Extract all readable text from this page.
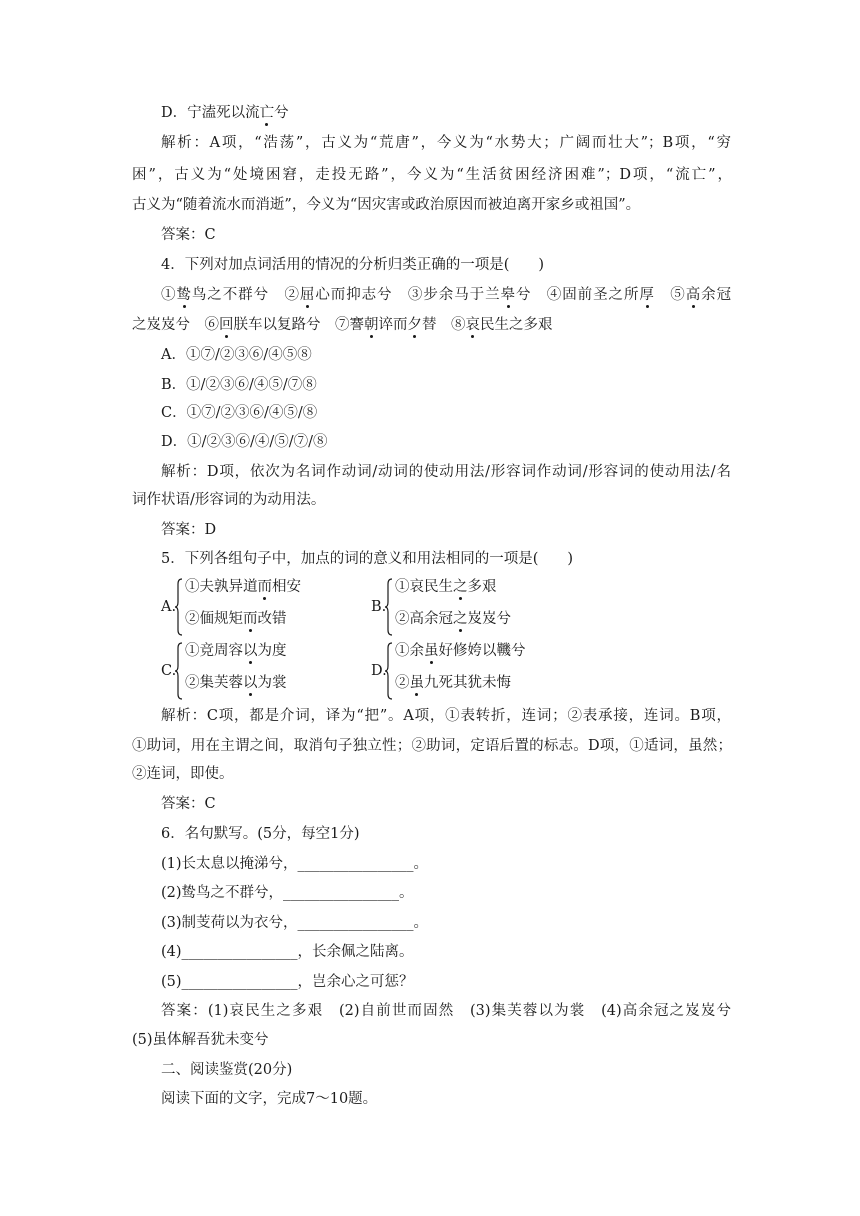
D．宁溘死以流亡兮
解析：A项，“浩荡”，古义为“荒唐”，今义为“水势大；广阔而壮大”；B项，“穷
困”，古义为“处境困窘，走投无路”，今义为“生活贫困经济困难”；D项，“流亡”，
古义为“随着流水而消逝”，今义为“因灾害或政治原因而被迫离开家乡或祖国”。
答案：C
4．下列对加点词活用的情况的分析归类正确的一项是(　　)
①鸷鸟之不群兮　②屈心而抑志兮　③步余马于兰皋兮　④固前圣之所厚　⑤高余冠
之岌岌兮　⑥回朕车以复路兮　⑦謇朝谇而夕替　⑧哀民生之多艰
A．①⑦/②③⑥/④⑤⑧
B．①/②③⑥/④⑤/⑦⑧
C．①⑦/②③⑥/④⑤/⑧
D．①/②③⑥/④/⑤/⑦/⑧
解析：D项，依次为名词作动词/动词的使动用法/形容词作动词/形容词的使动用法/名
词作状语/形容词的为动用法。
答案：D
5．下列各组句子中，加点的词的意义和用法相同的一项是(　　)
A.
①夫孰异道而相安
②偭规矩而改错
B.
①哀民生之多艰
②高余冠之岌岌兮
C.
①竞周容以为度
②集芙蓉以为裳
D.
①余虽好修姱以鞿兮
②虽九死其犹未悔
解析：C项，都是介词，译为“把”。A项，①表转折，连词；②表承接，连词。B项，
①助词，用在主谓之间，取消句子独立性；②助词，定语后置的标志。D项，①适词，虽然；
②连词，即使。
答案：C
6．名句默写。(5分，每空1分)
(1)长太息以掩涕兮，________________。
(2)鸷鸟之不群兮，________________。
(3)制芰荷以为衣兮，________________。
(4)________________，长余佩之陆离。
(5)________________，岂余心之可惩？
答案：(1)哀民生之多艰　(2)自前世而固然　(3)集芙蓉以为裳　(4)高余冠之岌岌兮
(5)虽体解吾犹未变兮
二、阅读鉴赏(20分)
阅读下面的文字，完成7～10题。
